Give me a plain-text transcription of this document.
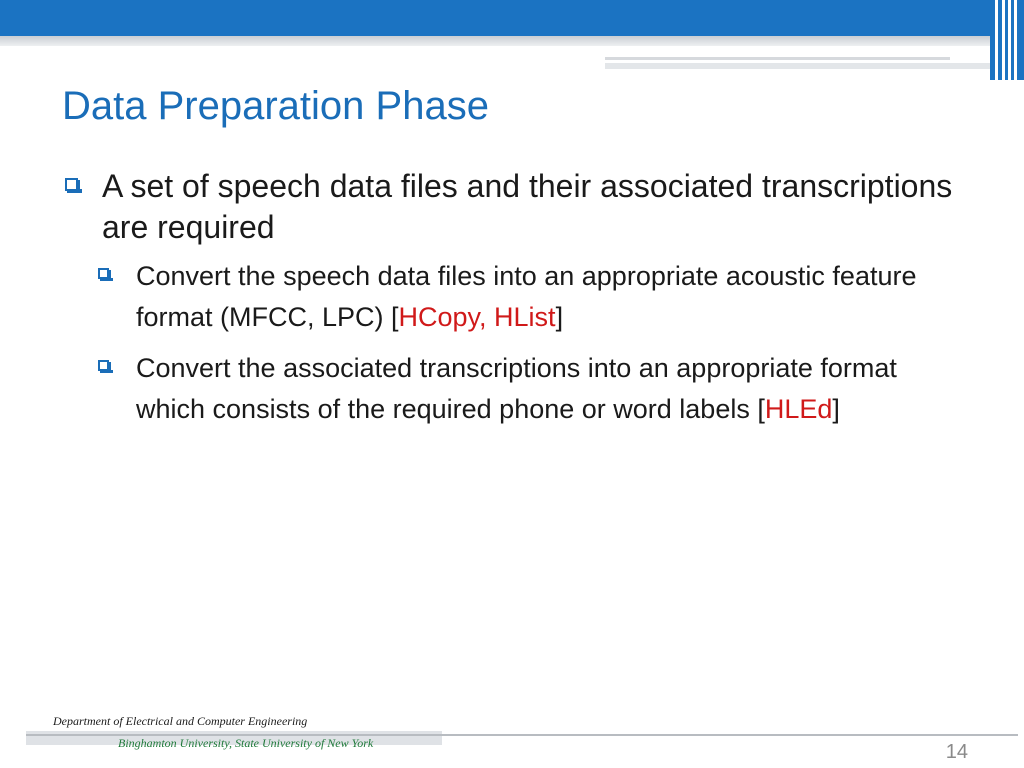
Data Preparation Phase
A set of speech data files and their associated transcriptions are required
Convert the speech data files into an appropriate acoustic feature format (MFCC, LPC) [HCopy, HList]
Convert the associated transcriptions into an appropriate format which consists of the required phone or word labels [HLEd]
Department of Electrical and Computer Engineering
Binghamton University, State University of New York	14
